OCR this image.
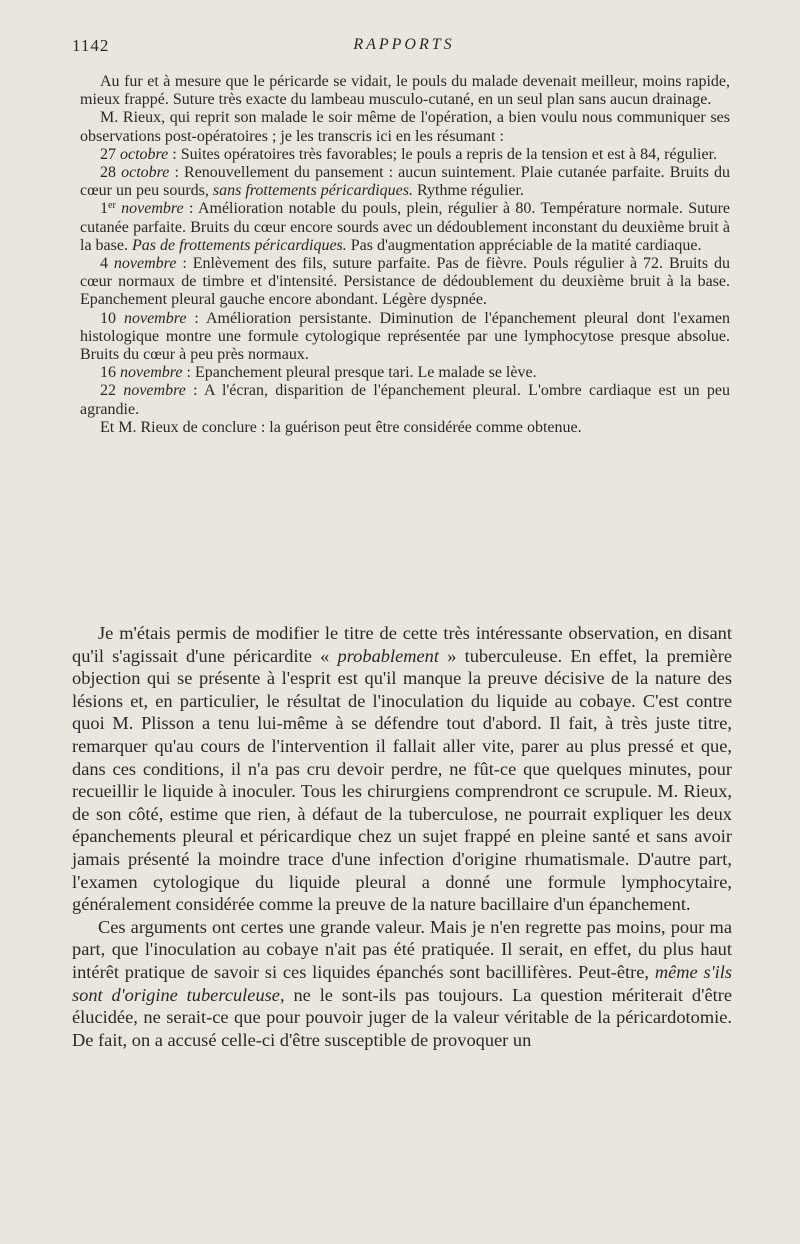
1142	RAPPORTS

Au fur et à mesure que le péricarde se vidait, le pouls du malade devenait meilleur, moins rapide, mieux frappé. Suture très exacte du lambeau musculo-cutané, en un seul plan sans aucun drainage.

M. Rieux, qui reprit son malade le soir même de l'opération, a bien voulu nous communiquer ses observations post-opératoires ; je les transcris ici en les résumant :

27 octobre : Suites opératoires très favorables; le pouls a repris de la tension et est à 84, régulier.

28 octobre : Renouvellement du pansement : aucun suintement. Plaie cutanée parfaite. Bruits du cœur un peu sourds, sans frottements péricardiques. Rythme régulier.

1er novembre : Amélioration notable du pouls, plein, régulier à 80. Température normale. Suture cutanée parfaite. Bruits du cœur encore sourds avec un dédoublement inconstant du deuxième bruit à la base. Pas de frottements péricardiques. Pas d'augmentation appréciable de la matité cardiaque.

4 novembre : Enlèvement des fils, suture parfaite. Pas de fièvre. Pouls régulier à 72. Bruits du cœur normaux de timbre et d'intensité. Persistance de dédoublement du deuxième bruit à la base. Epanchement pleural gauche encore abondant. Légère dyspnée.

10 novembre : Amélioration persistante. Diminution de l'épanchement pleural dont l'examen histologique montre une formule cytologique représentée par une lymphocytose presque absolue. Bruits du cœur à peu près normaux.

16 novembre : Epanchement pleural presque tari. Le malade se lève.

22 novembre : A l'écran, disparition de l'épanchement pleural. L'ombre cardiaque est un peu agrandie.

Et M. Rieux de conclure : la guérison peut être considérée comme obtenue.

Je m'étais permis de modifier le titre de cette très intéressante observation, en disant qu'il s'agissait d'une péricardite « probablement » tuberculeuse. En effet, la première objection qui se présente à l'esprit est qu'il manque la preuve décisive de la nature des lésions et, en particulier, le résultat de l'inoculation du liquide au cobaye. C'est contre quoi M. Plisson a tenu lui-même à se défendre tout d'abord. Il fait, à très juste titre, remarquer qu'au cours de l'intervention il fallait aller vite, parer au plus pressé et que, dans ces conditions, il n'a pas cru devoir perdre, ne fût-ce que quelques minutes, pour recueillir le liquide à inoculer. Tous les chirurgiens comprendront ce scrupule. M. Rieux, de son côté, estime que rien, à défaut de la tuberculose, ne pourrait expliquer les deux épanchements pleural et péricardique chez un sujet frappé en pleine santé et sans avoir jamais présenté la moindre trace d'une infection d'origine rhumatismale. D'autre part, l'examen cytologique du liquide pleural a donné une formule lymphocytaire, généralement considérée comme la preuve de la nature bacillaire d'un épanchement.

Ces arguments ont certes une grande valeur. Mais je n'en regrette pas moins, pour ma part, que l'inoculation au cobaye n'ait pas été pratiquée. Il serait, en effet, du plus haut intérêt pratique de savoir si ces liquides épanchés sont bacillifères. Peut-être, même s'ils sont d'origine tuberculeuse, ne le sont-ils pas toujours. La question mériterait d'être élucidée, ne serait-ce que pour pouvoir juger de la valeur véritable de la péricardotomie. De fait, on a accusé celle-ci d'être susceptible de provoquer un
